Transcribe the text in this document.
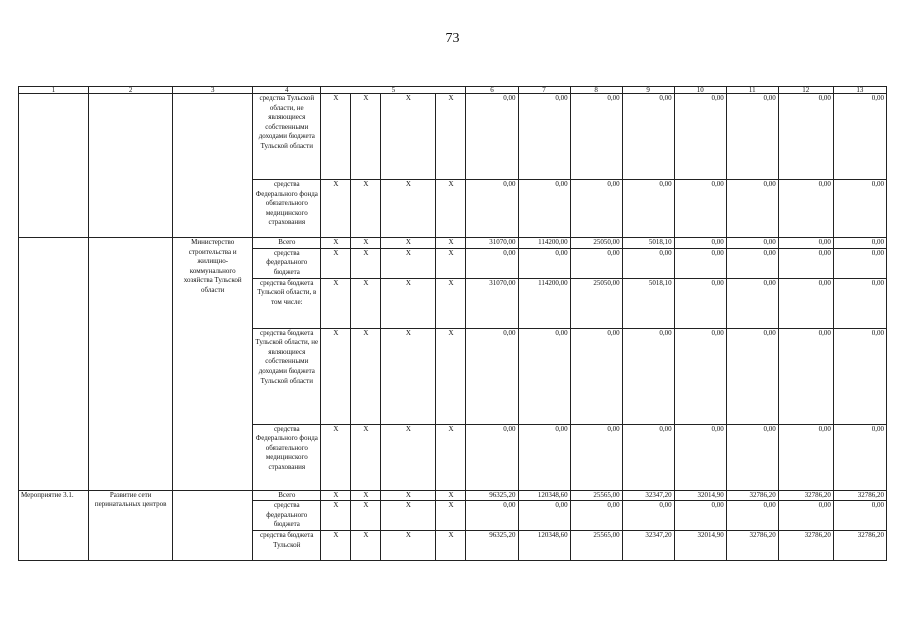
73
1	2	3	4	5				6	7	8	9	10	11	12	13
			средства Тульской области, не являющиеся собственными доходами бюджета Тульской области	X	X	X	X	0,00	0,00	0,00	0,00	0,00	0,00	0,00	0,00
			средства Федерального фонда обязательного медицинского страхования	X	X	X	X	0,00	0,00	0,00	0,00	0,00	0,00	0,00	0,00
		Министерство строительства и жилищно-коммунального хозяйства Тульской области	Всего	X	X	X	X	31070,00	114200,00	25050,00	5018,10	0,00	0,00	0,00	0,00
			средства федерального бюджета	X	X	X	X	0,00	0,00	0,00	0,00	0,00	0,00	0,00	0,00
			средства бюджета Тульской области, в том числе:	X	X	X	X	31070,00	114200,00	25050,00	5018,10	0,00	0,00	0,00	0,00
			средства бюджета Тульской области, не являющиеся собственными доходами бюджета Тульской области	X	X	X	X	0,00	0,00	0,00	0,00	0,00	0,00	0,00	0,00
			средства Федерального фонда обязательного медицинского страхования	X	X	X	X	0,00	0,00	0,00	0,00	0,00	0,00	0,00	0,00
Мероприятие 3.1.	Развитие сети перинатальных центров		Всего	X	X	X	X	96325,20	120348,60	25565,00	32347,20	32014,90	32786,20	32786,20	32786,20
			средства федерального бюджета	X	X	X	X	0,00	0,00	0,00	0,00	0,00	0,00	0,00	0,00
			средства бюджета Тульской	X	X	X	X	96325,20	120348,60	25565,00	32347,20	32014,90	32786,20	32786,20	32786,20
